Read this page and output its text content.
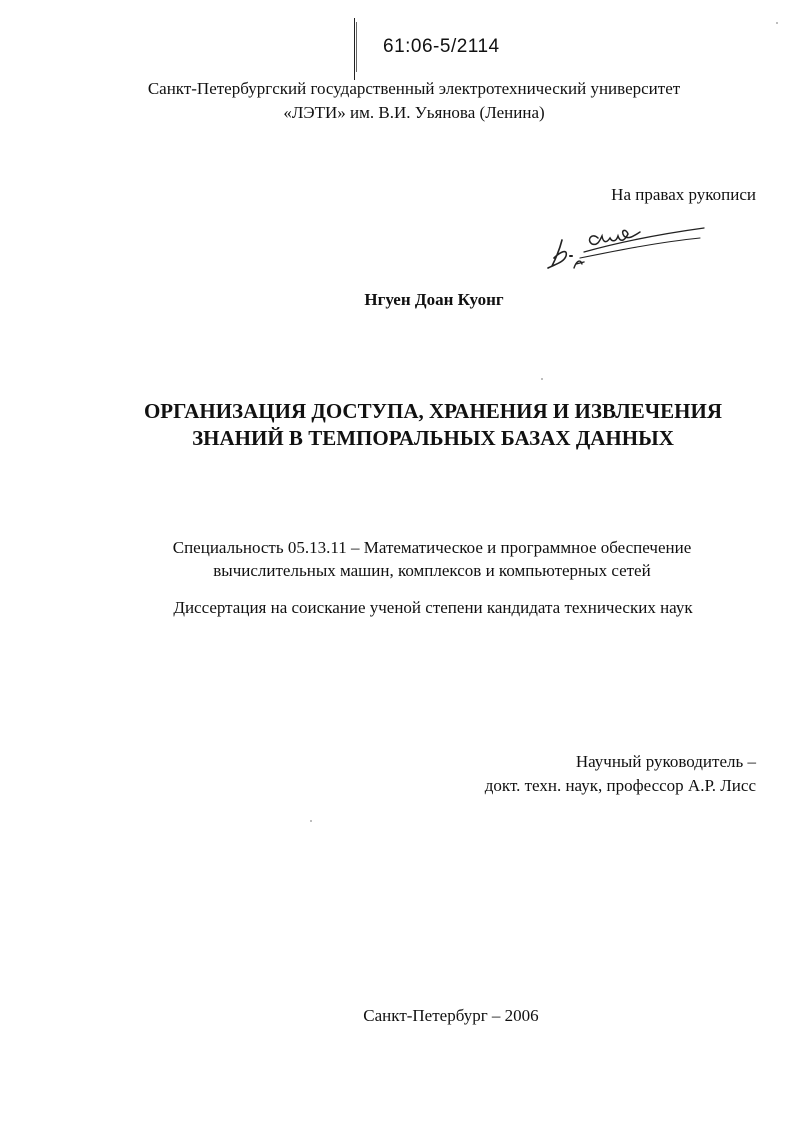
61:06-5/2114
Санкт-Петербургский государственный электротехнический университет
«ЛЭТИ» им. В.И. Уьянова (Ленина)
На правах рукописи
Нгуен Доан Куонг
ОРГАНИЗАЦИЯ ДОСТУПА, ХРАНЕНИЯ И ИЗВЛЕЧЕНИЯ
ЗНАНИЙ В ТЕМПОРАЛЬНЫХ БАЗАХ ДАННЫХ
Специальность 05.13.11 – Математическое и программное обеспечение
вычислительных машин, комплексов и компьютерных сетей
Диссертация на соискание ученой степени кандидата технических наук
Научный руководитель –
докт. техн. наук, профессор А.Р. Лисс
Санкт-Петербург – 2006
